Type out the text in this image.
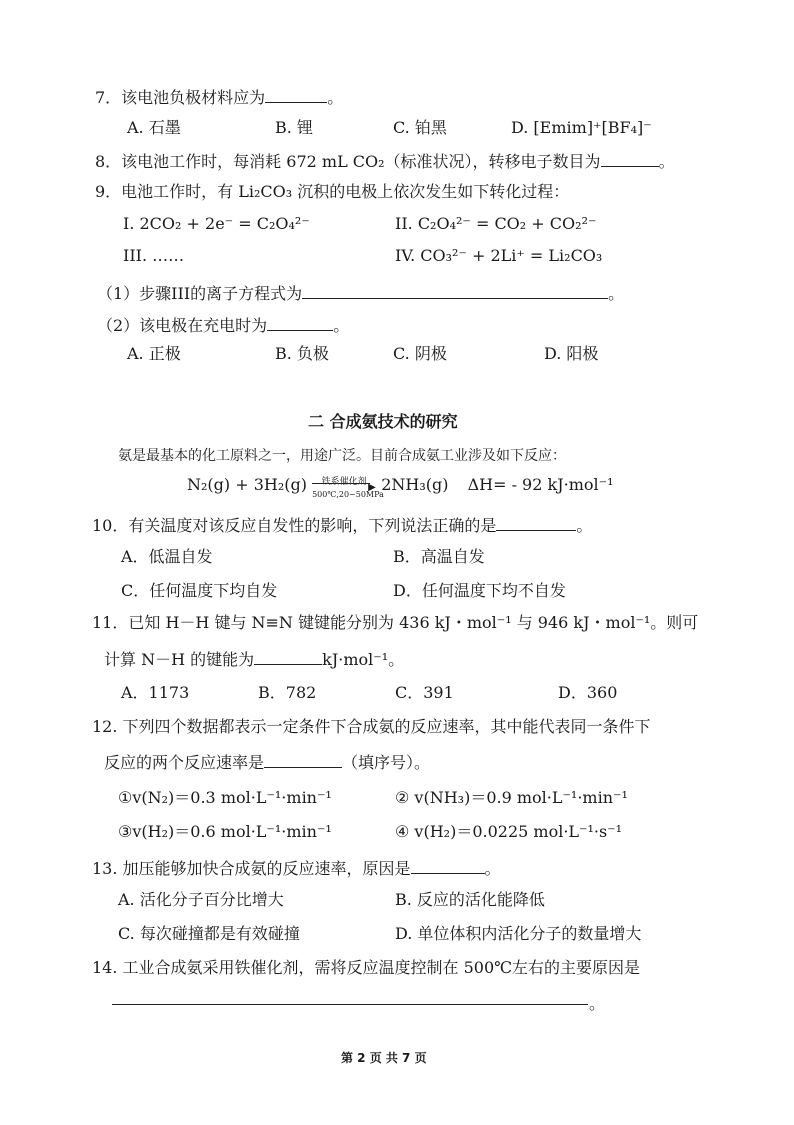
7．该电池负极材料应为	。
A. 石墨	B. 锂	C. 铂黑	D. [Emim]⁺[BF₄]⁻
8．该电池工作时，每消耗 672 mL CO₂（标准状况），转移电子数目为	。
9．电池工作时，有 Li₂CO₃ 沉积的电极上依次发生如下转化过程：
I. 2CO₂ + 2e⁻ = C₂O₄²⁻	II. C₂O₄²⁻ = CO₂ + CO₂²⁻
III. ……	IV. CO₃²⁻ + 2Li⁺ = Li₂CO₃
（1）步骤III的离子方程式为	。
（2）该电极在充电时为	。
A. 正极	B. 负极	C. 阴极	D. 阳极
二 合成氨技术的研究
氨是最基本的化工原料之一，用途广泛。目前合成氨工业涉及如下反应：
N₂(g) + 3H₂(g)	铁系催化剂 ▶
500℃,20~50MPa
2NH₃(g) ΔH= - 92 kJ·mol⁻¹
10．有关温度对该反应自发性的影响，下列说法正确的是	。
A．低温自发	B．高温自发
C．任何温度下均自发	D．任何温度下均不自发
11．已知 H－H 键与 N≡N 键键能分别为 436 kJ・mol⁻¹ 与 946 kJ・mol⁻¹。则可
计算 N－H 的键能为	kJ·mol⁻¹。
A．1173	B．782	C．391	D．360
12. 下列四个数据都表示一定条件下合成氨的反应速率，其中能代表同一条件下
反应的两个反应速率是	（填序号）。
①v(N₂)＝0.3 mol·L⁻¹·min⁻¹	② v(NH₃)＝0.9 mol·L⁻¹·min⁻¹
③v(H₂)＝0.6 mol·L⁻¹·min⁻¹	④ v(H₂)＝0.0225 mol·L⁻¹·s⁻¹
13. 加压能够加快合成氨的反应速率，原因是	。
A. 活化分子百分比增大	B. 反应的活化能降低
C. 每次碰撞都是有效碰撞	D. 单位体积内活化分子的数量增大
14. 工业合成氨采用铁催化剂，需将反应温度控制在 500℃左右的主要原因是
。
第 2 页 共 7 页
